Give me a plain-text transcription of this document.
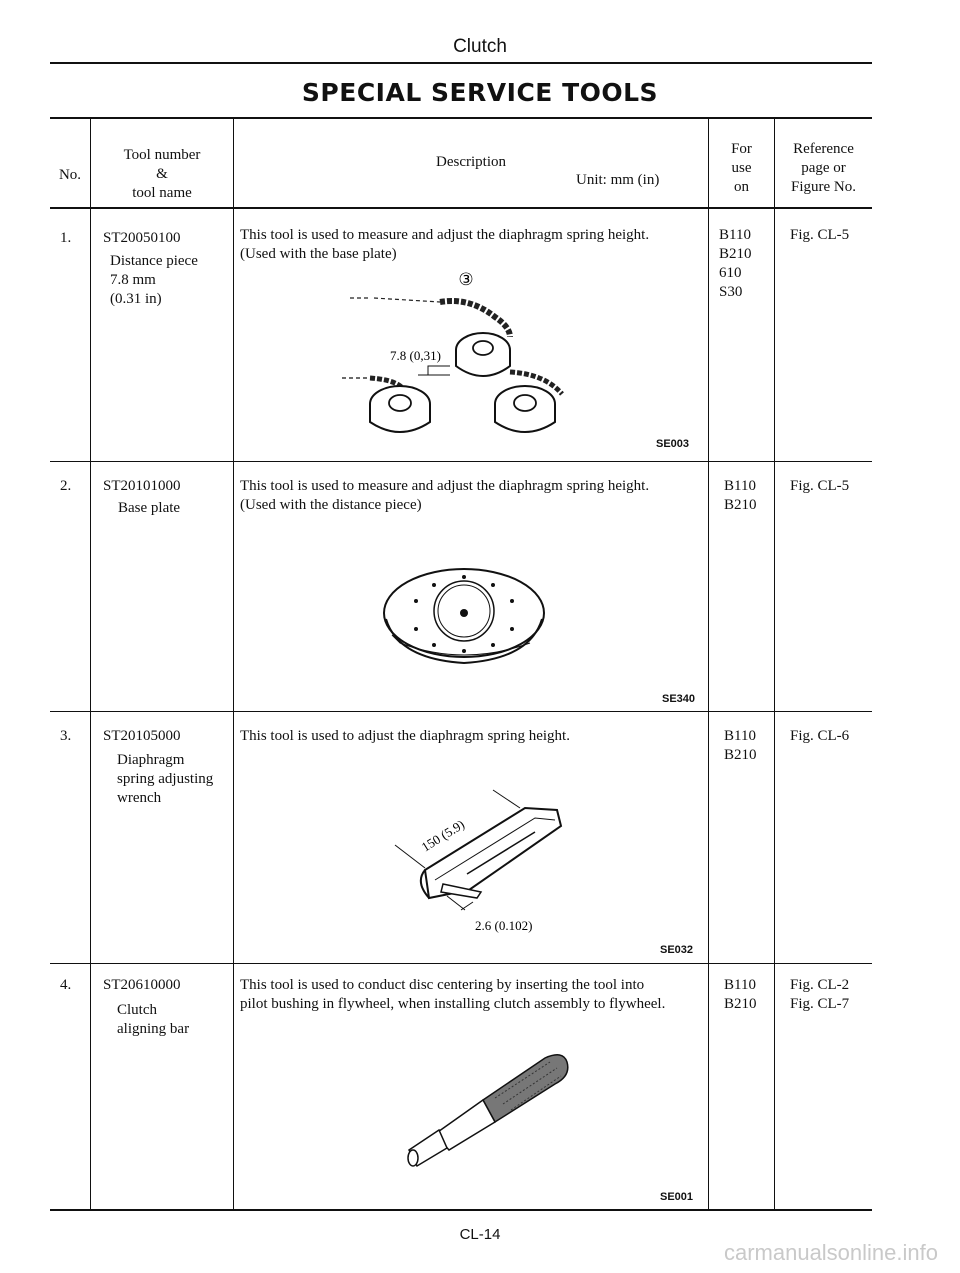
Clutch
SPECIAL SERVICE TOOLS
No.
Tool number
&
tool name
Description
Unit: mm (in)
For
use
on
Reference
page or
Figure No.
1. ST20050100
Distance piece
7.8 mm
(0.31 in)
This tool is used to measure and adjust the diaphragm spring height.
(Used with the base plate)
B110
B210
610
S30
Fig. CL-5
③
7.8 (0,31)
SE003
2. ST20101000
Base plate
This tool is used to measure and adjust the diaphragm spring height.
(Used with the distance piece)
B110
B210
Fig. CL-5
SE340
3. ST20105000
Diaphragm
spring adjusting
wrench
This tool is used to adjust the diaphragm spring height.	B110
B210
Fig. CL-6
150 (5.9)
2.6 (0.102)
SE032
4. ST20610000
Clutch
aligning bar
This tool is used to conduct disc centering by inserting the tool into
pilot bushing in flywheel, when installing clutch assembly to flywheel.
B110
B210
Fig. CL-2
Fig. CL-7
SE001
CL-14
carmanualsonline.info
